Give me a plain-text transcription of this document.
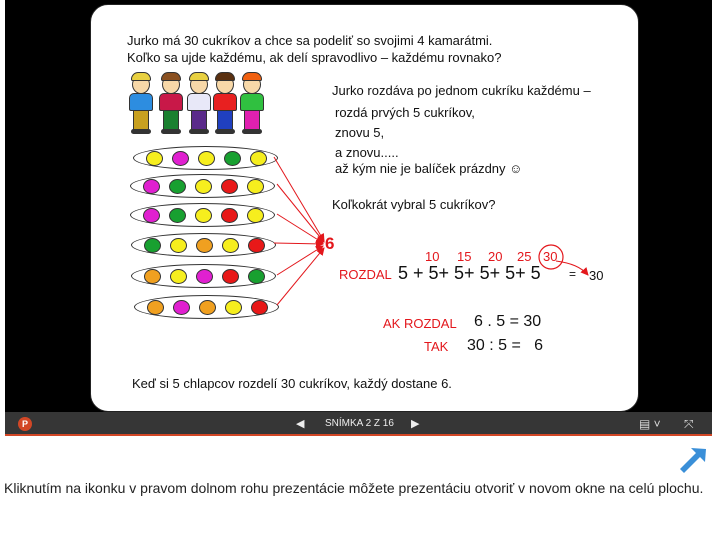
Jurko má 30 cukríkov a chce sa podeliť so svojimi 4 kamarátmi.
Koľko sa ujde každému, ak delí spravodlivo – každému rovnako?
6
Jurko rozdáva po jednom cukríku každému –
rozdá prvých 5 cukríkov,
znovu 5,
a znovu.....
až kým nie je balíček prázdny ☺
Koľkokrát vybral 5 cukríkov?
10 15 20 25 30
ROZDAL 5 + 5+ 5+ 5+ 5+ 5 = 30
AK ROZDAL 6 . 5 = 30
TAK 30 : 5 =   6
Keď si 5 chlapcov rozdelí 30 cukríkov, každý dostane 6.
P	◀ SNÍMKA 2 Z 16 ▶	▤ ˅ ⤧
Kliknutím na ikonku v pravom dolnom rohu prezentácie môžete prezentáciu otvoriť v novom okne na celú plochu.
